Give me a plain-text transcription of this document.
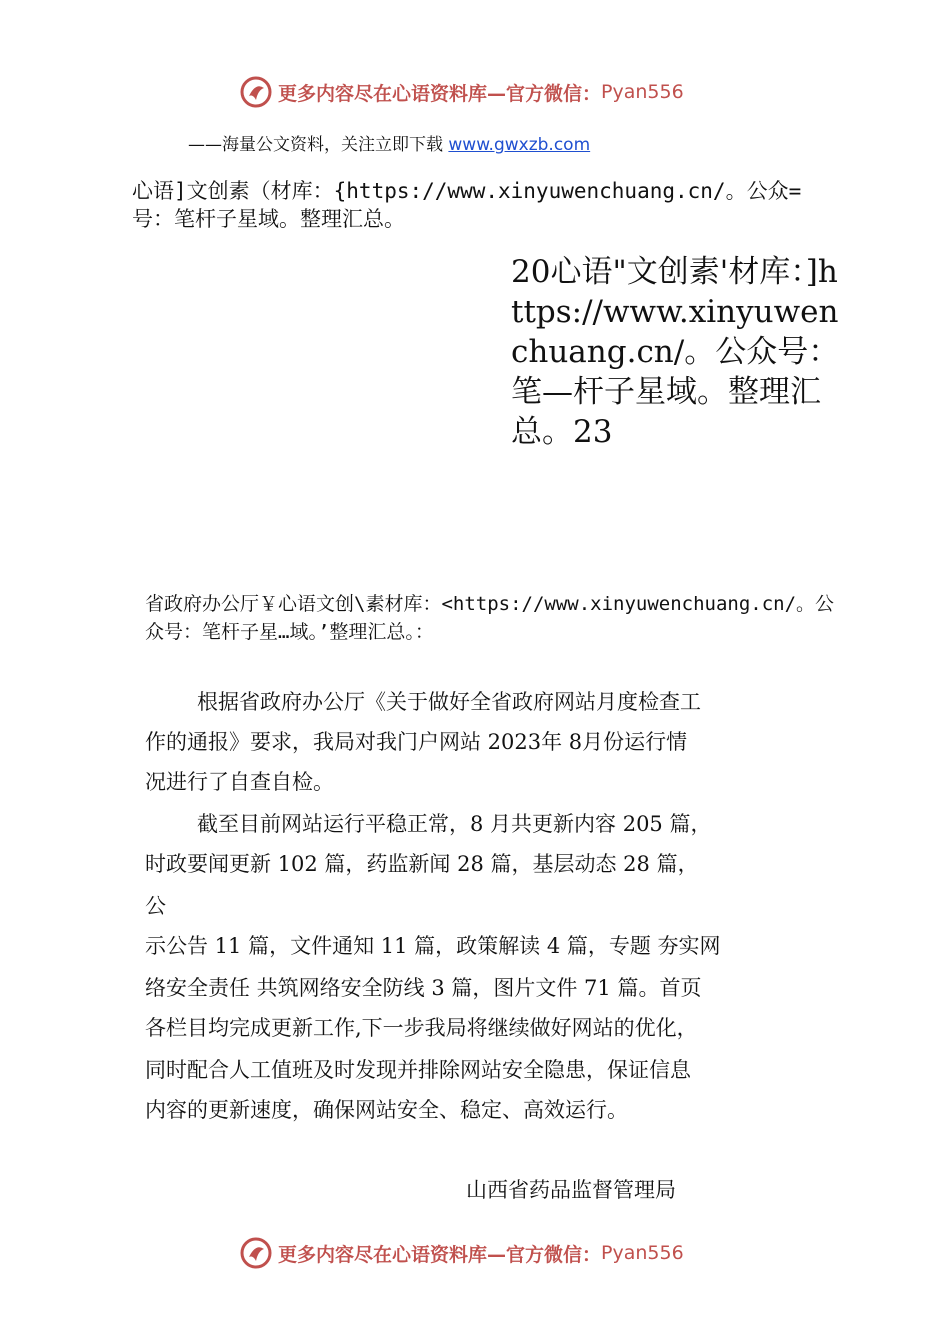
更多内容尽在心语资料库—官方微信： Pyan556
——海量公文资料，关注立即下载 www.gwxzb.com
心语]文创素（材库：{https://www.xinyuwenchuang.cn/。公众=号：笔杆子星域。整理汇总。
20心语"文创素'材库：]https://www.xinyuwenchuang.cn/。公众号：笔—杆子星域。整理汇总。23
省政府办公厅￥心语文创\素材库：<https://www.xinyuwenchuang.cn/。公众号：笔杆子星…域。’整理汇总。：
根据省政府办公厅《关于做好全省政府网站月度检查工
作的通报》要求，我局对我门户网站 2023年 8月份运行情
况进行了自查自检。
截至目前网站运行平稳正常，8 月共更新内容 205 篇，
时政要闻更新 102 篇，药监新闻 28 篇，基层动态 28 篇，
公
示公告 11 篇，文件通知 11 篇，政策解读 4 篇，专题 夯实网
络安全责任 共筑网络安全防线 3 篇，图片文件 71 篇。首页
各栏目均完成更新工作,下一步我局将继续做好网站的优化，
同时配合人工值班及时发现并排除网站安全隐患，保证信息
内容的更新速度，确保网站安全、稳定、高效运行。
山西省药品监督管理局
更多内容尽在心语资料库—官方微信： Pyan556
